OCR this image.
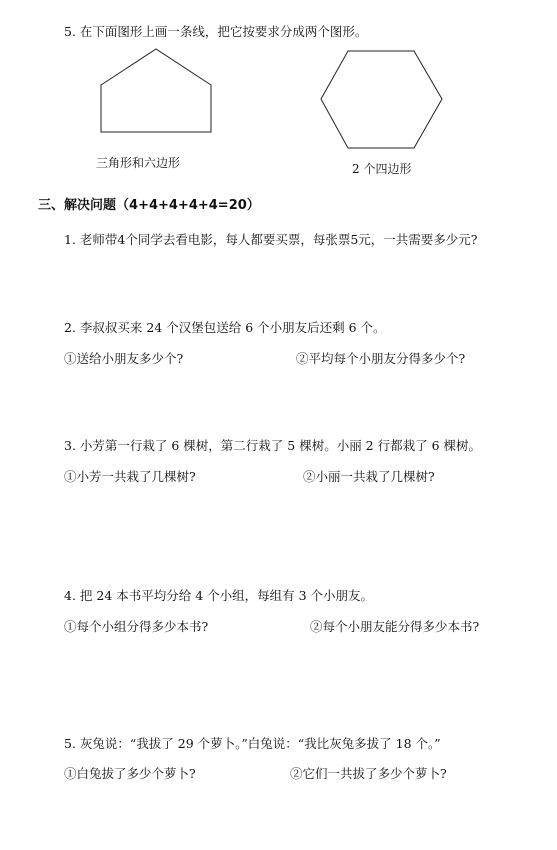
5. 在下面图形上画一条线，把它按要求分成两个图形。
三角形和六边形	2 个四边形
三、解决问题（4+4+4+4+4=20）
1. 老师带4个同学去看电影，每人都要买票，每张票5元，一共需要多少元?
2. 李叔叔买来 24 个汉堡包送给 6 个小朋友后还剩 6 个。
①送给小朋友多少个?	②平均每个小朋友分得多少个?
3. 小芳第一行栽了 6 棵树，第二行栽了 5 棵树。小丽 2 行都栽了 6 棵树。
①小芳一共栽了几棵树?	②小丽一共栽了几棵树?
4. 把 24 本书平均分给 4 个小组，每组有 3 个小朋友。
①每个小组分得多少本书?	②每个小朋友能分得多少本书?
5. 灰兔说：“我拔了 29 个萝卜。”白兔说：“我比灰兔多拔了 18 个。”
①白兔拔了多少个萝卜?	②它们一共拔了多少个萝卜?
